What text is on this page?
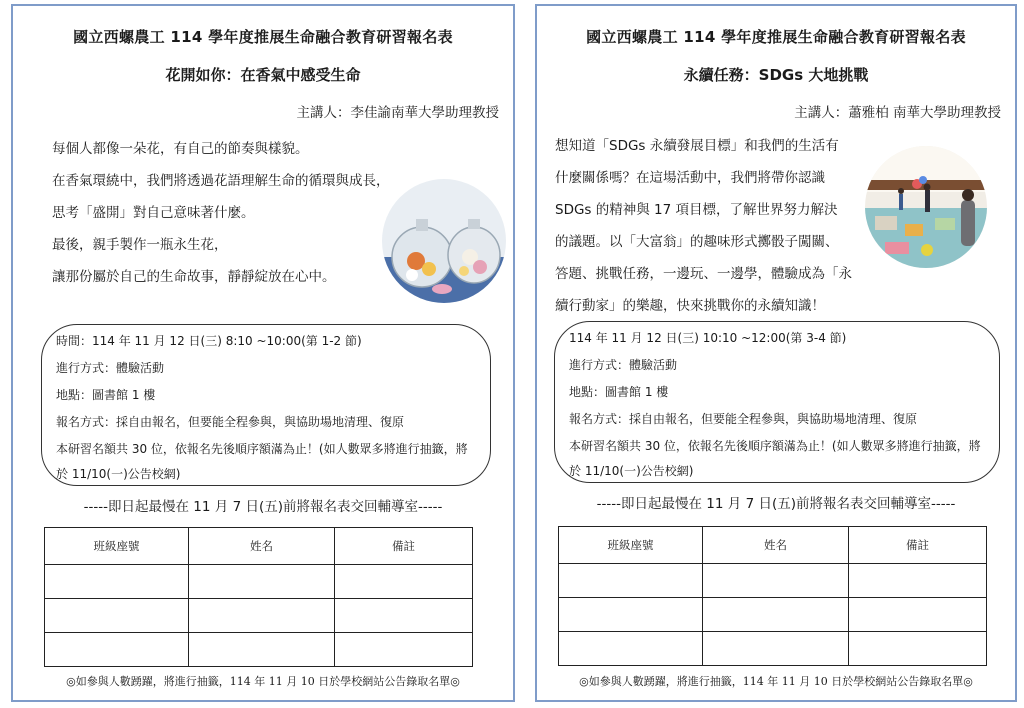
國立西螺農工 114 學年度推展生命融合教育研習報名表
花開如你：在香氣中感受生命
主講人：李佳諭南華大學助理教授
每個人都像一朵花，有自己的節奏與樣貌。
在香氣環繞中，我們將透過花語理解生命的循環與成長，
思考「盛開」對自己意味著什麼。
最後，親手製作一瓶永生花，
讓那份屬於自己的生命故事，靜靜綻放在心中。
時間：114 年 11 月 12 日(三) 8:10 ~10:00(第 1-2 節)
進行方式：體驗活動
地點：圖書館 1 樓
報名方式：採自由報名，但要能全程參與，與協助場地清理、復原
本研習名額共 30 位，依報名先後順序額滿為止！(如人數眾多將進行抽籤，將
於 11/10(一)公告校網)
-----即日起最慢在 11 月 7 日(五)前將報名表交回輔導室-----
班級座號	姓名	備註

◎如參與人數踴躍，將進行抽籤，114 年 11 月 10 日於學校網站公告錄取名單◎
國立西螺農工 114 學年度推展生命融合教育研習報名表
永續任務：SDGs 大地挑戰
主講人：蕭雅柏 南華大學助理教授
想知道「SDGs 永續發展目標」和我們的生活有
什麼關係嗎？在這場活動中，我們將帶你認識
SDGs 的精神與 17 項目標，了解世界努力解決
的議題。以「大富翁」的趣味形式擲骰子闖關、
答題、挑戰任務，一邊玩、一邊學，體驗成為「永
續行動家」的樂趣，快來挑戰你的永續知識！
114 年 11 月 12 日(三) 10:10 ~12:00(第 3-4 節)
進行方式：體驗活動
地點：圖書館 1 樓
報名方式：採自由報名，但要能全程參與，與協助場地清理、復原
本研習名額共 30 位，依報名先後順序額滿為止！(如人數眾多將進行抽籤，將
於 11/10(一)公告校網)
-----即日起最慢在 11 月 7 日(五)前將報名表交回輔導室-----
班級座號	姓名	備註

◎如參與人數踴躍，將進行抽籤，114 年 11 月 10 日於學校網站公告錄取名單◎
